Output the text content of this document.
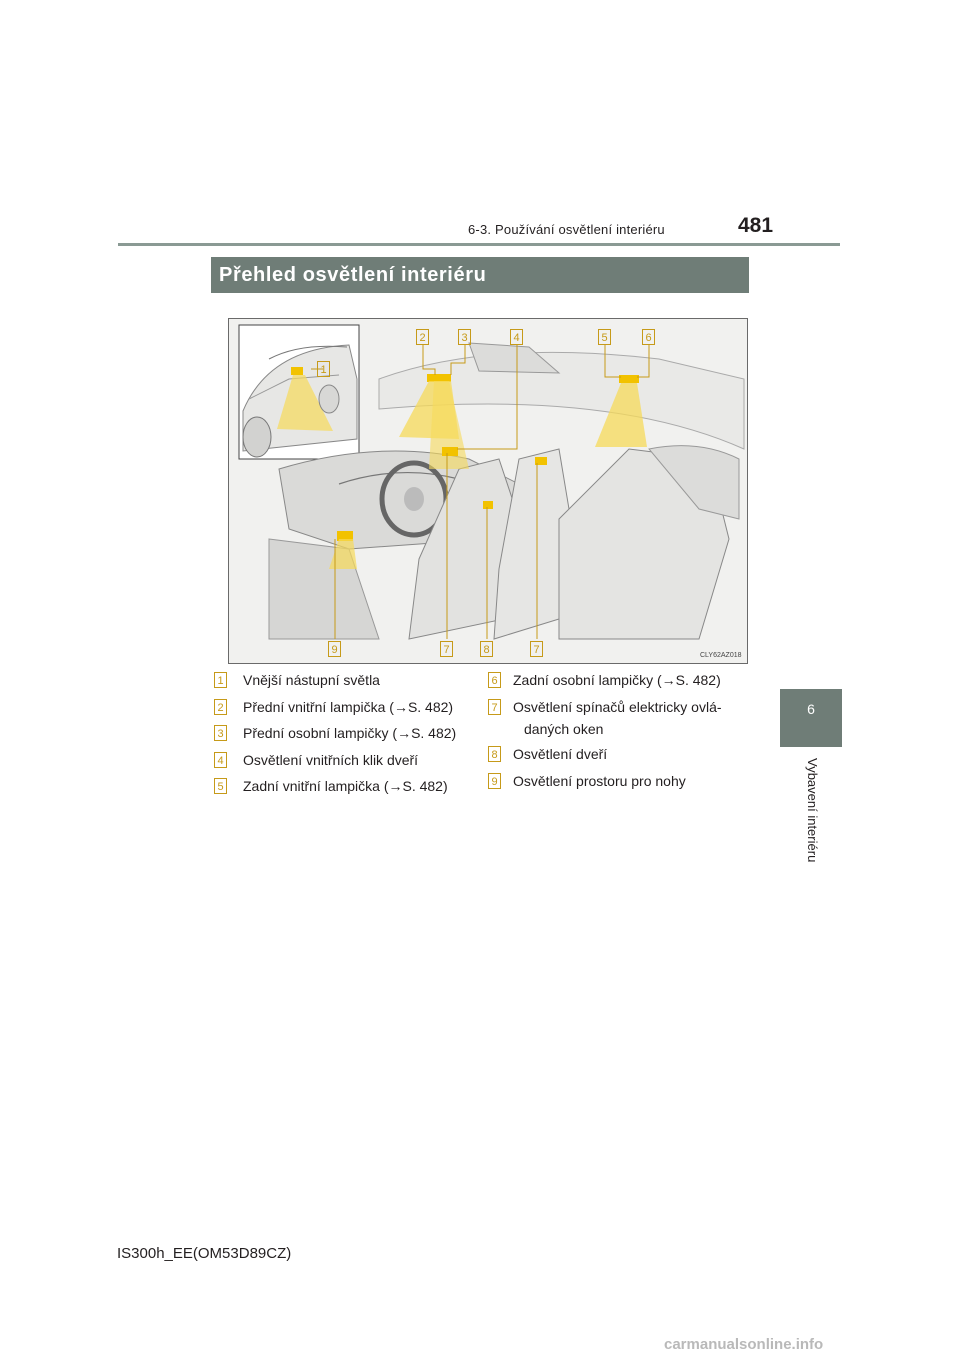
6-3. Používání osvětlení interiéru	481
6
Vybavení interiéru
Přehled osvětlení interiéru
1
2	3	4	5	6
9	7	8	7	CLY62AZ018
1 Vnější nástupní světla
2 Přední vnitřní lampička (→S. 482)
3 Přední osobní lampičky (→S. 482)
4 Osvětlení vnitřních klik dveří
5 Zadní vnitřní lampička (→S. 482)
6 Zadní osobní lampičky (→S. 482)
7 Osvětlení spínačů elektricky ovlá-
daných oken
8 Osvětlení dveří
9 Osvětlení prostoru pro nohy
IS300h_EE(OM53D89CZ)
carmanualsonline.info
